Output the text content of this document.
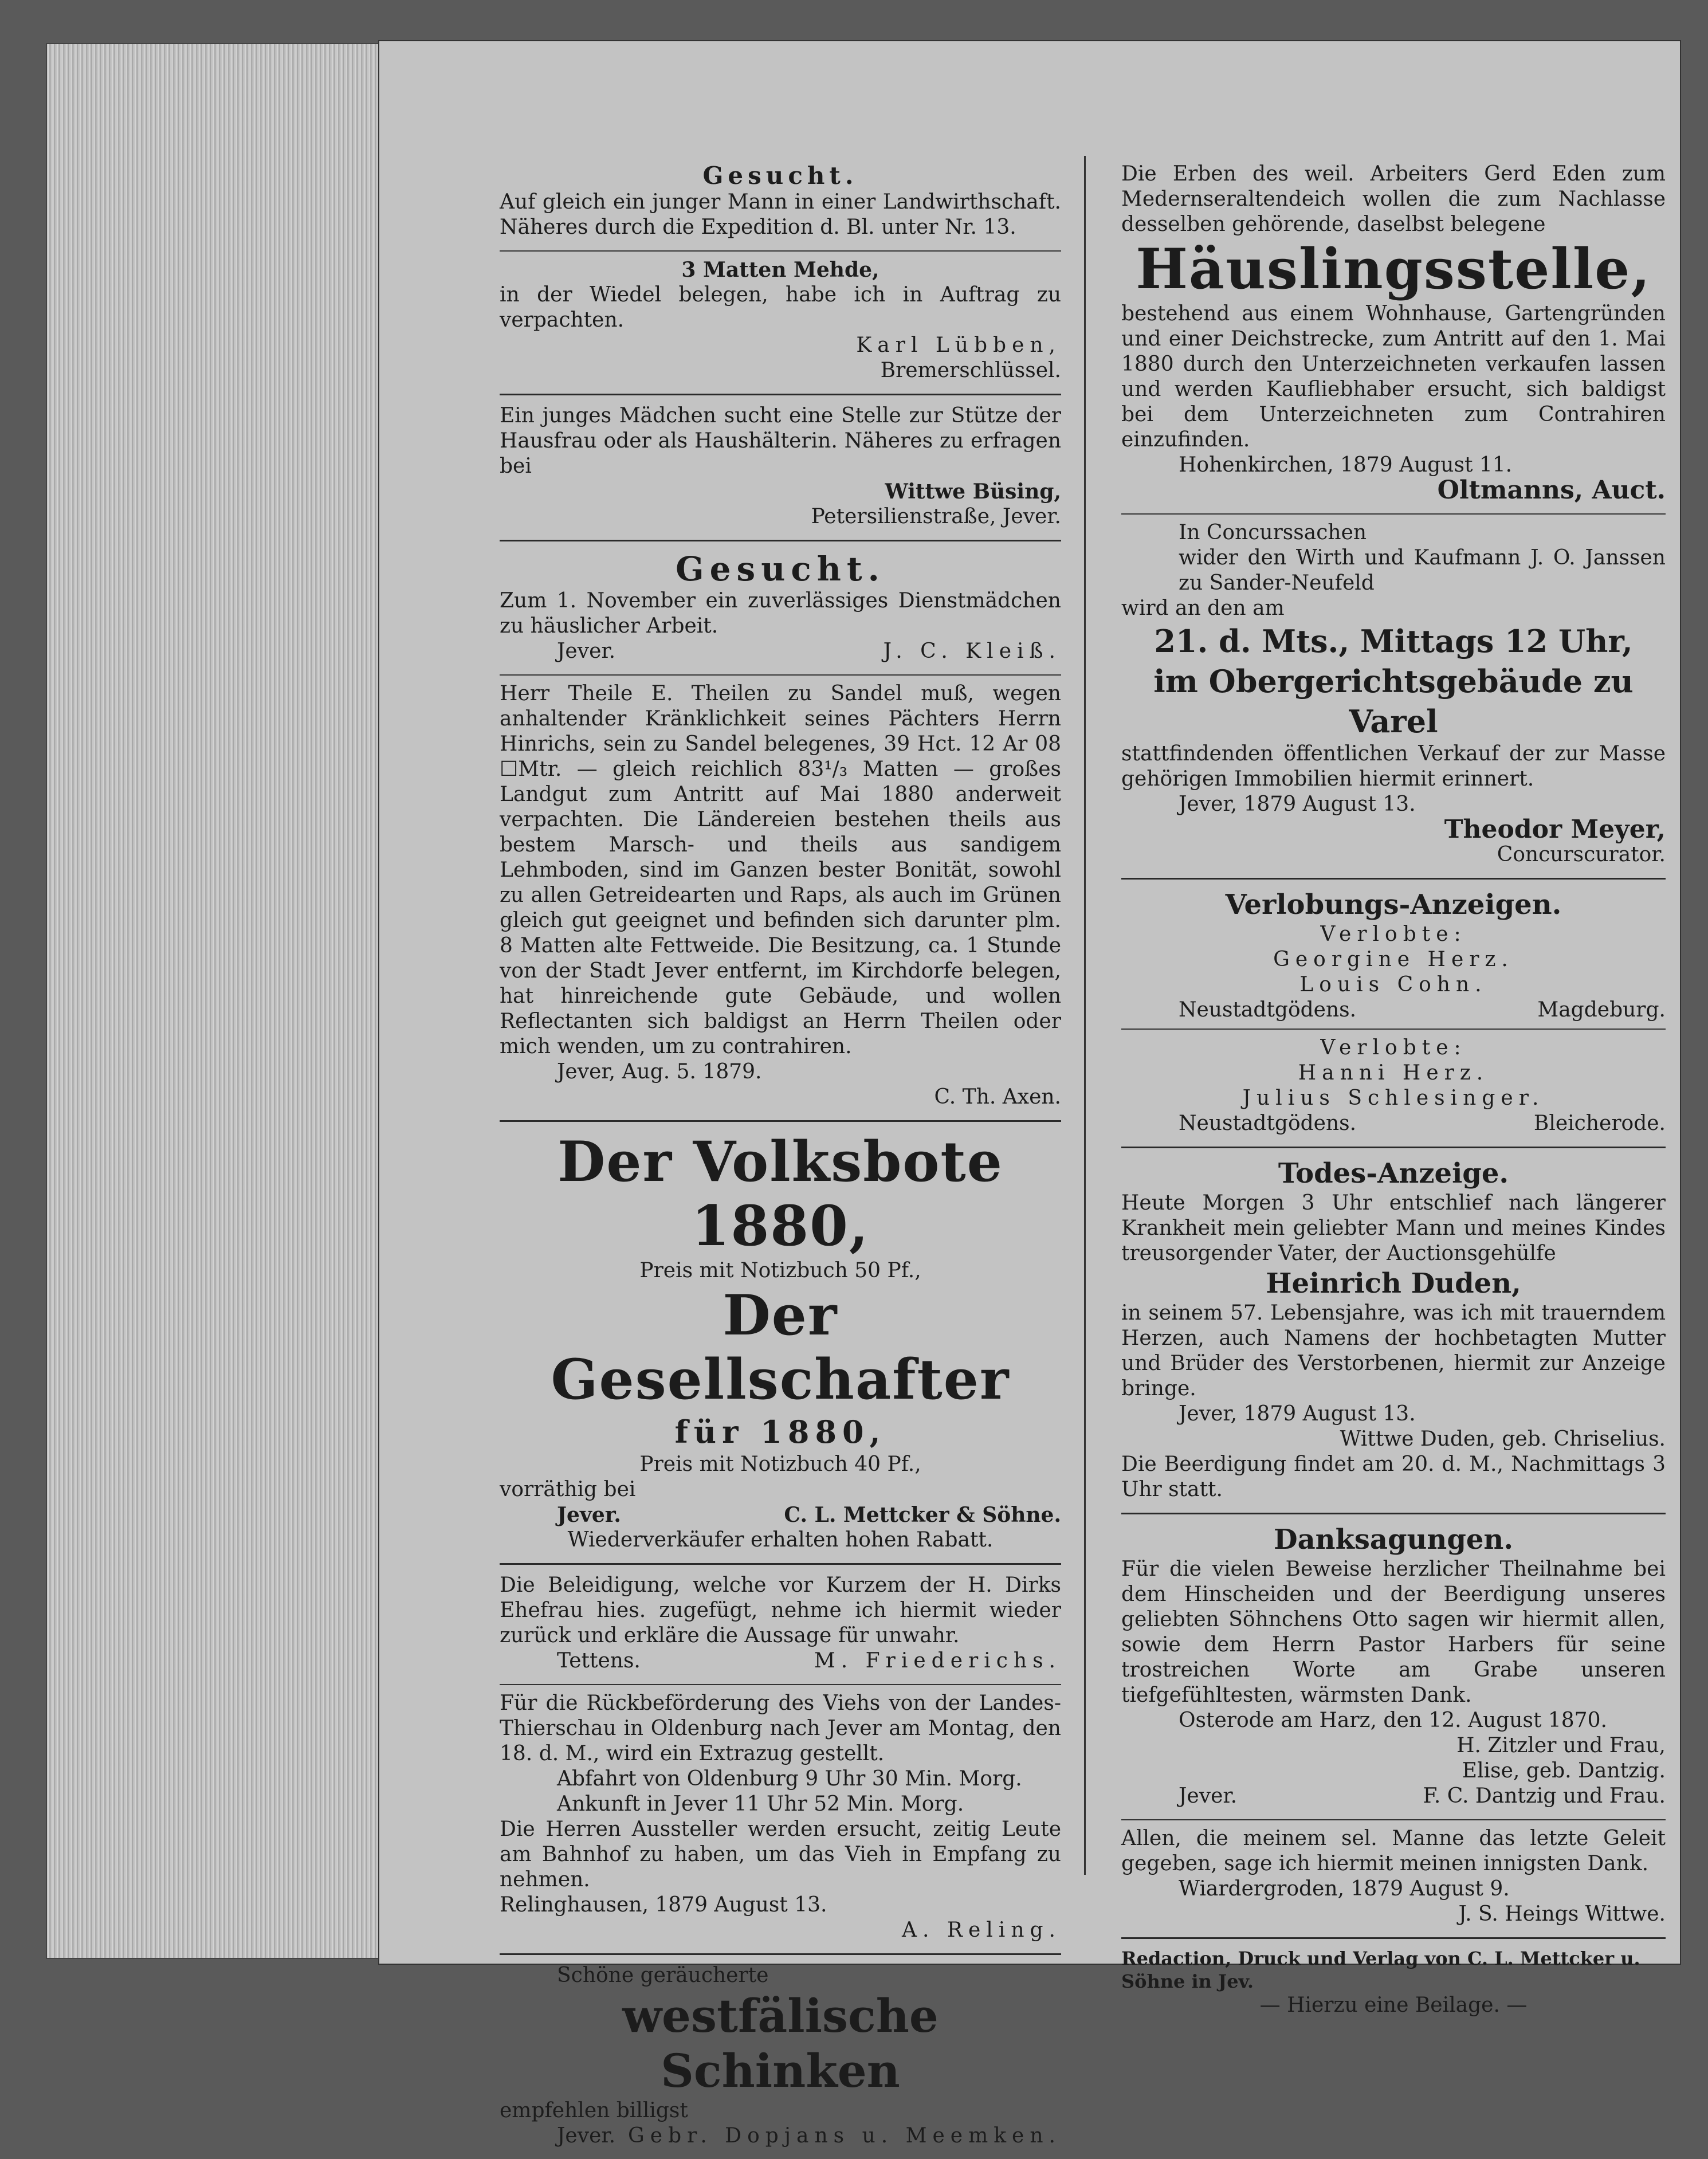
Gesucht.
Auf gleich ein junger Mann in einer Landwirthschaft. Näheres durch die Expedition d. Bl. unter Nr. 13.
3 Matten Mehde,
in der Wiedel belegen, habe ich in Auftrag zu verpachten.
Karl Lübben,
Bremerschlüssel.
Ein junges Mädchen sucht eine Stelle zur Stütze der Hausfrau oder als Haushälterin. Näheres zu erfragen bei
Wittwe Büsing,
Petersilienstraße, Jever.
Gesucht.
Zum 1. November ein zuverlässiges Dienstmädchen zu häuslicher Arbeit.
Jever.	J. C. Kleiß.
Herr Theile E. Theilen zu Sandel muß, wegen anhaltender Kränklichkeit seines Pächters Herrn Hinrichs, sein zu Sandel belegenes, 39 Hct. 12 Ar 08 ☐Mtr. — gleich reichlich 83¹/₃ Matten — großes Landgut zum Antritt auf Mai 1880 anderweit verpachten. Die Ländereien bestehen theils aus bestem Marsch- und theils aus sandigem Lehmboden, sind im Ganzen bester Bonität, sowohl zu allen Getreidearten und Raps, als auch im Grünen gleich gut geeignet und befinden sich darunter plm. 8 Matten alte Fettweide. Die Besitzung, ca. 1 Stunde von der Stadt Jever entfernt, im Kirchdorfe belegen, hat hinreichende gute Gebäude, und wollen Reflectanten sich baldigst an Herrn Theilen oder mich wenden, um zu contrahiren.
Jever, Aug. 5. 1879.
C. Th. Axen.
Der Volksbote 1880,
Preis mit Notizbuch 50 Pf.,
Der Gesellschafter
für 1880,
Preis mit Notizbuch 40 Pf.,
vorräthig bei
Jever.	C. L. Mettcker & Söhne.
Wiederverkäufer erhalten hohen Rabatt.
Die Beleidigung, welche vor Kurzem der H. Dirks Ehefrau hies. zugefügt, nehme ich hiermit wieder zurück und erkläre die Aussage für unwahr.
Tettens.	M. Friederichs.
Für die Rückbeförderung des Viehs von der Landes-Thierschau in Oldenburg nach Jever am Montag, den 18. d. M., wird ein Extrazug gestellt.
Abfahrt von Oldenburg 9 Uhr 30 Min. Morg.
Ankunft in Jever 11 Uhr 52 Min. Morg.
Die Herren Aussteller werden ersucht, zeitig Leute am Bahnhof zu haben, um das Vieh in Empfang zu nehmen.
Relinghausen, 1879 August 13.
A. Reling.
Schöne geräucherte
westfälische Schinken
empfehlen billigst
Jever. Gebr. Dopjans u. Meemken.
Die Erben des weil. Arbeiters Gerd Eden zum Medernseraltendeich wollen die zum Nachlasse desselben gehörende, daselbst belegene
Häuslingsstelle,
bestehend aus einem Wohnhause, Gartengründen und einer Deichstrecke, zum Antritt auf den 1. Mai 1880 durch den Unterzeichneten verkaufen lassen und werden Kaufliebhaber ersucht, sich baldigst bei dem Unterzeichneten zum Contrahiren einzufinden.
Hohenkirchen, 1879 August 11.
Oltmanns, Auct.
In Concurssachen
wider den Wirth und Kaufmann J. O. Janssen zu Sander-Neufeld
wird an den am
21. d. Mts., Mittags 12 Uhr,
im Obergerichtsgebäude zu Varel
stattfindenden öffentlichen Verkauf der zur Masse gehörigen Immobilien hiermit erinnert.
Jever, 1879 August 13.
Theodor Meyer,
Concurscurator.
Verlobungs-Anzeigen.
Verlobte:
Georgine Herz.
Louis Cohn.
Neustadtgödens.	Magdeburg.
Verlobte:
Hanni Herz.
Julius Schlesinger.
Neustadtgödens.	Bleicherode.
Todes-Anzeige.
Heute Morgen 3 Uhr entschlief nach längerer Krankheit mein geliebter Mann und meines Kindes treusorgender Vater, der Auctionsgehülfe
Heinrich Duden,
in seinem 57. Lebensjahre, was ich mit trauerndem Herzen, auch Namens der hochbetagten Mutter und Brüder des Verstorbenen, hiermit zur Anzeige bringe.
Jever, 1879 August 13.
Wittwe Duden, geb. Chriselius.
Die Beerdigung findet am 20. d. M., Nachmittags 3 Uhr statt.
Danksagungen.
Für die vielen Beweise herzlicher Theilnahme bei dem Hinscheiden und der Beerdigung unseres geliebten Söhnchens Otto sagen wir hiermit allen, sowie dem Herrn Pastor Harbers für seine trostreichen Worte am Grabe unseren tiefgefühltesten, wärmsten Dank.
Osterode am Harz, den 12. August 1870.
H. Zitzler und Frau,
Elise, geb. Dantzig.
Jever.	F. C. Dantzig und Frau.
Allen, die meinem sel. Manne das letzte Geleit gegeben, sage ich hiermit meinen innigsten Dank.
Wiardergroden, 1879 August 9.
J. S. Heings Wittwe.
Redaction, Druck und Verlag von C. L. Mettcker u. Söhne in Jev.
— Hierzu eine Beilage. —
